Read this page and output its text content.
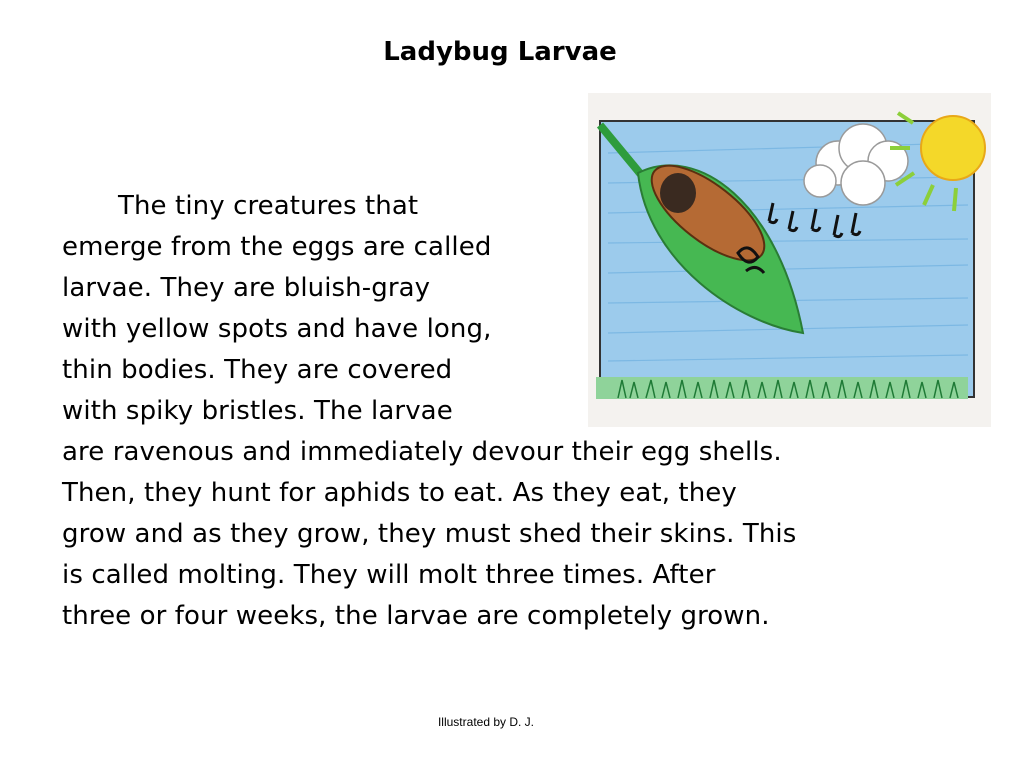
Ladybug Larvae
The tiny creatures that
emerge from the eggs are called
larvae. They are bluish-gray
with yellow spots and have long,
thin bodies. They are covered
with spiky bristles. The larvae
are ravenous and immediately devour their egg shells.
Then, they hunt for aphids to eat. As they eat, they
grow and as they grow, they must shed their skins. This
is called molting. They will molt three times. After
three or four weeks, the larvae are completely grown.
Illustrated by D. J.
